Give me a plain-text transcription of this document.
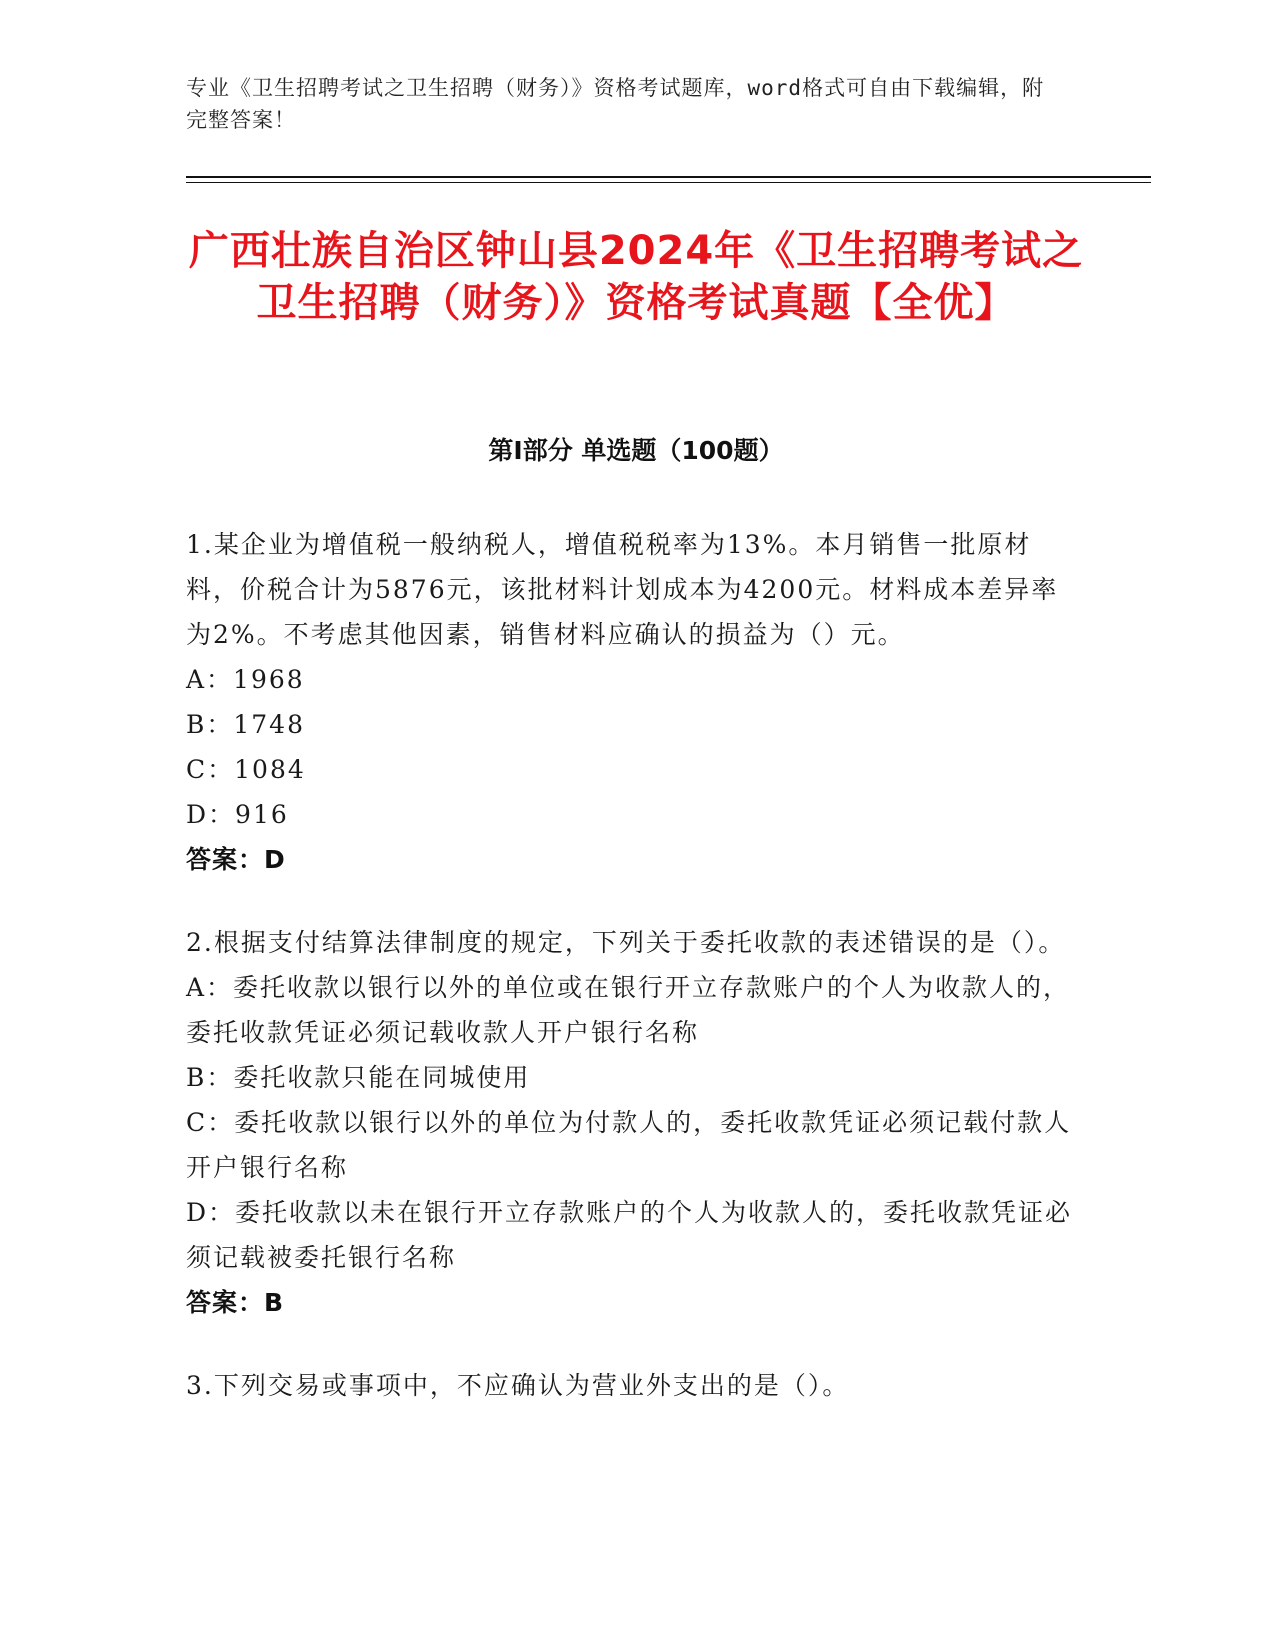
专业《卫生招聘考试之卫生招聘（财务）》资格考试题库，word格式可自由下载编辑，附完整答案！
广西壮族自治区钟山县2024年《卫生招聘考试之卫生招聘（财务）》资格考试真题【全优】
第Ⅰ部分 单选题（100题）

1.某企业为增值税一般纳税人，增值税税率为13%。本月销售一批原材料，价税合计为5876元，该批材料计划成本为4200元。材料成本差异率为2%。不考虑其他因素，销售材料应确认的损益为（）元。

A：1968

B：1748

C：1084

D：916

答案：D

2.根据支付结算法律制度的规定，下列关于委托收款的表述错误的是（）。

A：委托收款以银行以外的单位或在银行开立存款账户的个人为收款人的，委托收款凭证必须记载收款人开户银行名称

B：委托收款只能在同城使用

C：委托收款以银行以外的单位为付款人的，委托收款凭证必须记载付款人开户银行名称

D：委托收款以未在银行开立存款账户的个人为收款人的，委托收款凭证必须记载被委托银行名称

答案：B

3.下列交易或事项中，不应确认为营业外支出的是（）。
